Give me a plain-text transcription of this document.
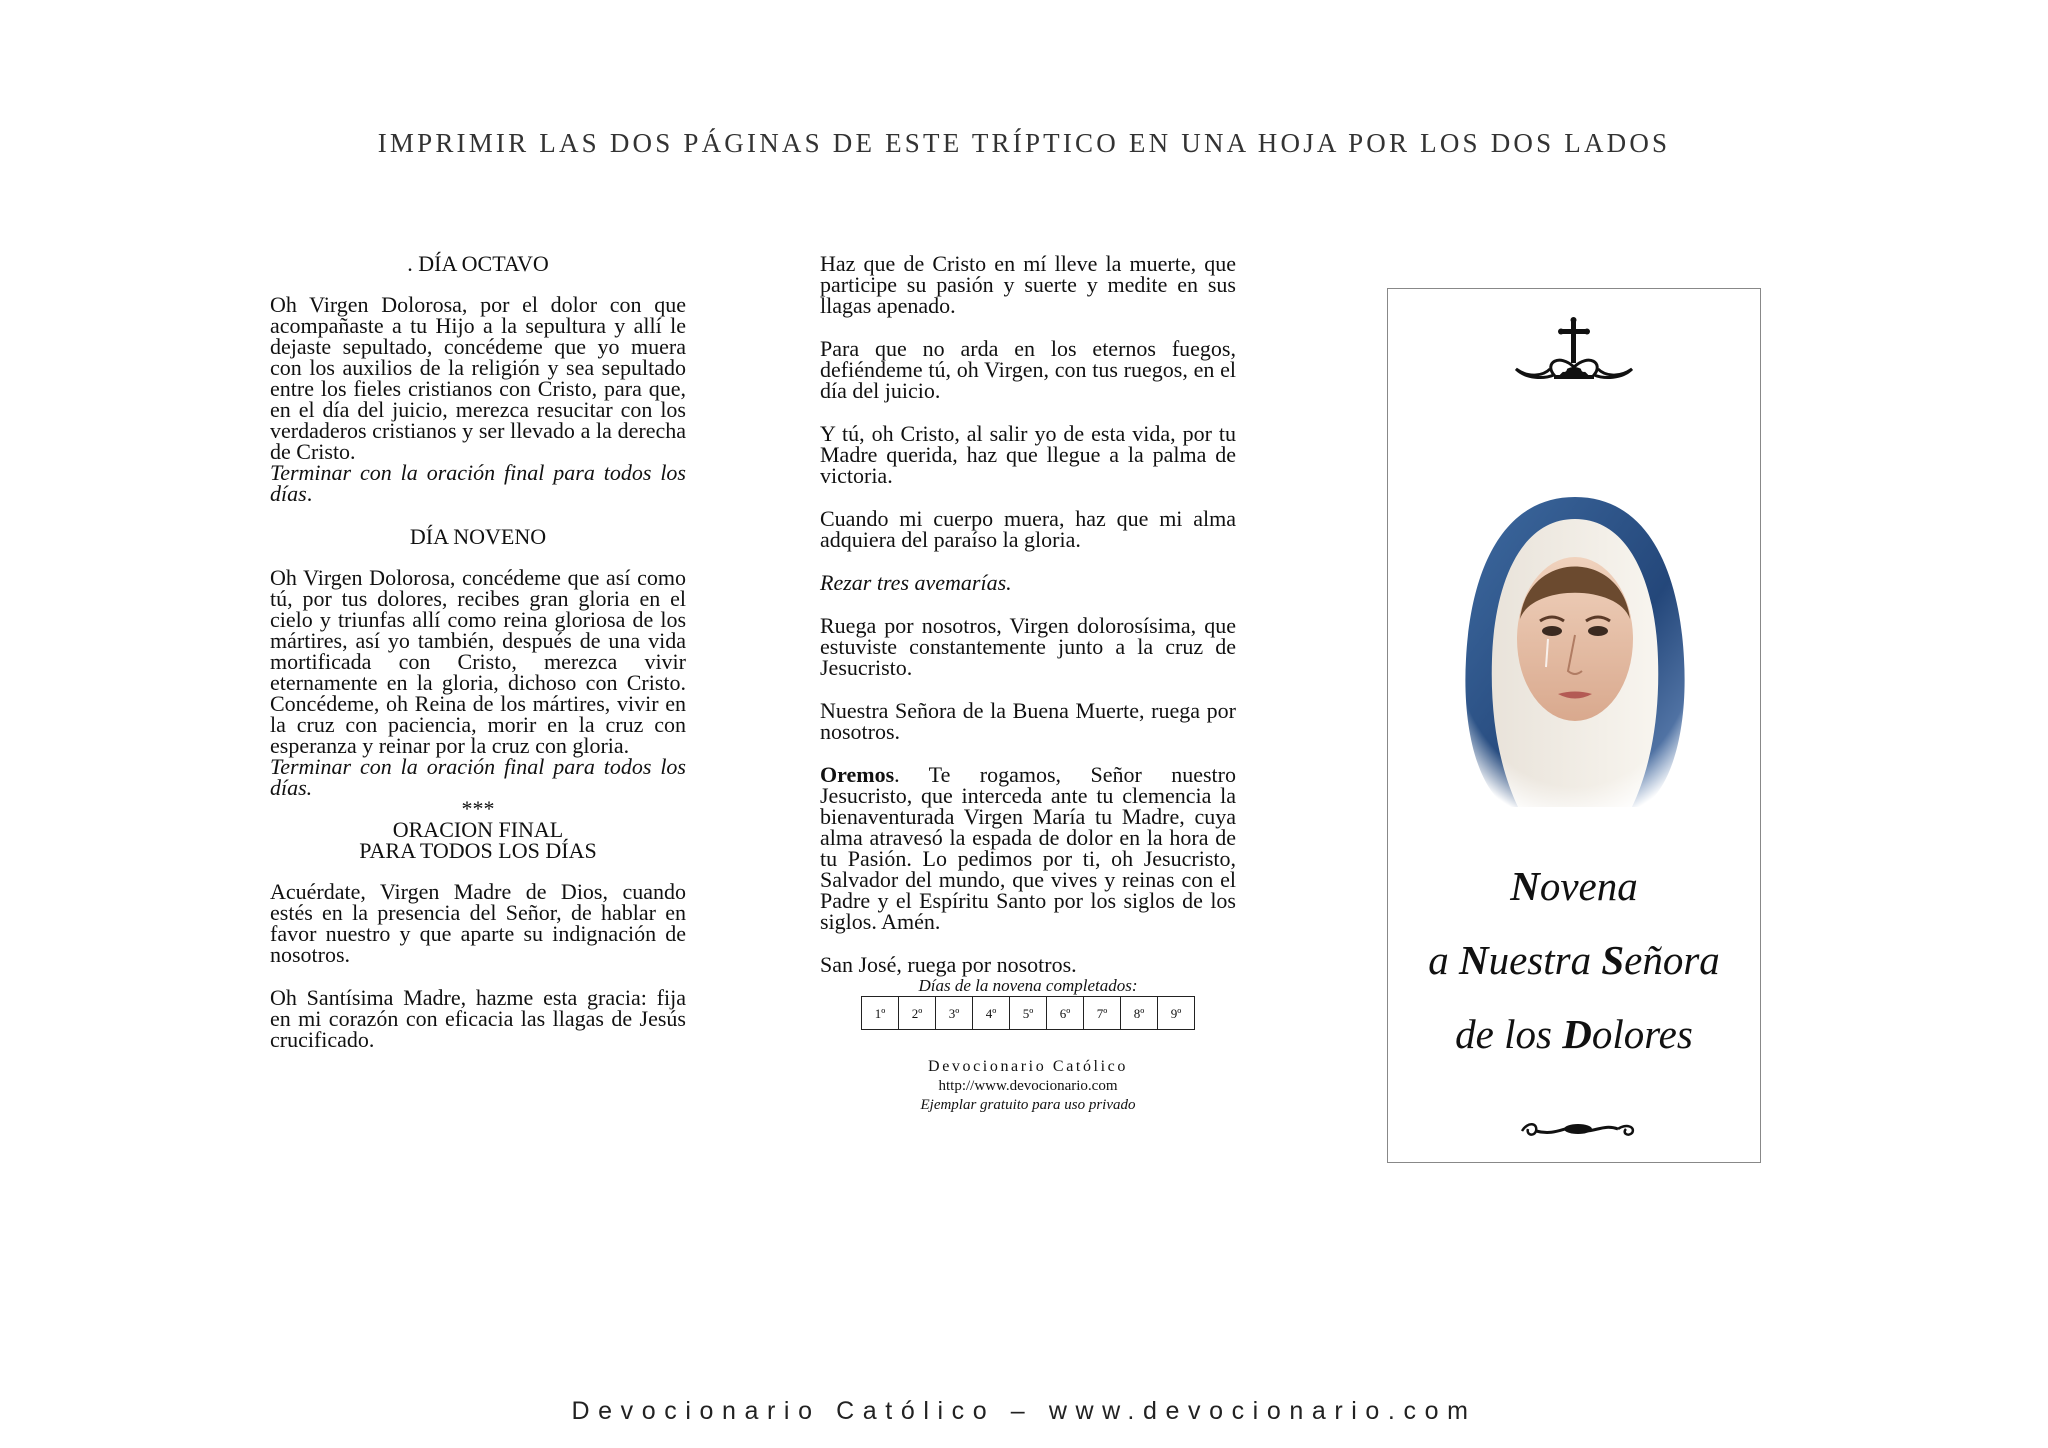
IMPRIMIR LAS DOS PÁGINAS DE ESTE TRÍPTICO EN UNA HOJA POR LOS DOS LADOS

. DÍA OCTAVO

Oh Virgen Dolorosa, por el dolor con que acompañaste a tu Hijo a la sepultura y allí le dejaste sepultado, concédeme que yo muera con los auxilios de la religión y sea sepultado entre los fieles cristianos con Cristo, para que, en el día del juicio, merezca resucitar con los verdaderos cristianos y ser llevado a la derecha de Cristo.

Terminar con la oración final para todos los días.

DÍA NOVENO

Oh Virgen Dolorosa, concédeme que así como tú, por tus dolores, recibes gran gloria en el cielo y triunfas allí como reina gloriosa de los mártires, así yo también, después de una vida mortificada con Cristo, merezca vivir eternamente en la gloria, dichoso con Cristo. Concédeme, oh Reina de los mártires, vivir en la cruz con paciencia, morir en la cruz con esperanza y reinar por la cruz con gloria.

Terminar con la oración final para todos los días.

***

ORACION FINAL

PARA TODOS LOS DÍAS

Acuérdate, Virgen Madre de Dios, cuando estés en la presencia del Señor, de hablar en favor nuestro y que aparte su indignación de nosotros.

Oh Santísima Madre, hazme esta gracia: fija en mi corazón con eficacia las llagas de Jesús crucificado.

Haz que de Cristo en mí lleve la muerte, que participe su pasión y suerte y medite en sus llagas apenado.

Para que no arda en los eternos fuegos, defiéndeme tú, oh Virgen, con tus ruegos, en el día del juicio.

Y tú, oh Cristo, al salir yo de esta vida, por tu Madre querida, haz que llegue a la palma de victoria.

Cuando mi cuerpo muera, haz que mi alma adquiera del paraíso la gloria.

Rezar tres avemarías.

Ruega por nosotros, Virgen dolorosísima, que estuviste constantemente junto a la cruz de Jesucristo.

Nuestra Señora de la Buena Muerte, ruega por nosotros.

Oremos. Te rogamos, Señor nuestro Jesucristo, que interceda ante tu clemencia la bienaventurada Virgen María tu Madre, cuya alma atravesó la espada de dolor en la hora de tu Pasión. Lo pedimos por ti, oh Jesucristo, Salvador del mundo, que vives y reinas con el Padre y el Espíritu Santo por los siglos de los siglos. Amén.

San José, ruega por nosotros.

Días de la novena completados:

1º	2º	3º	4º	5º	6º	7º	8º	9º
Devocionario Católico
http://www.devocionario.com
Ejemplar gratuito para uso privado
Novena
a Nuestra Señora
de los Dolores
Devocionario Católico – www.devocionario.com
